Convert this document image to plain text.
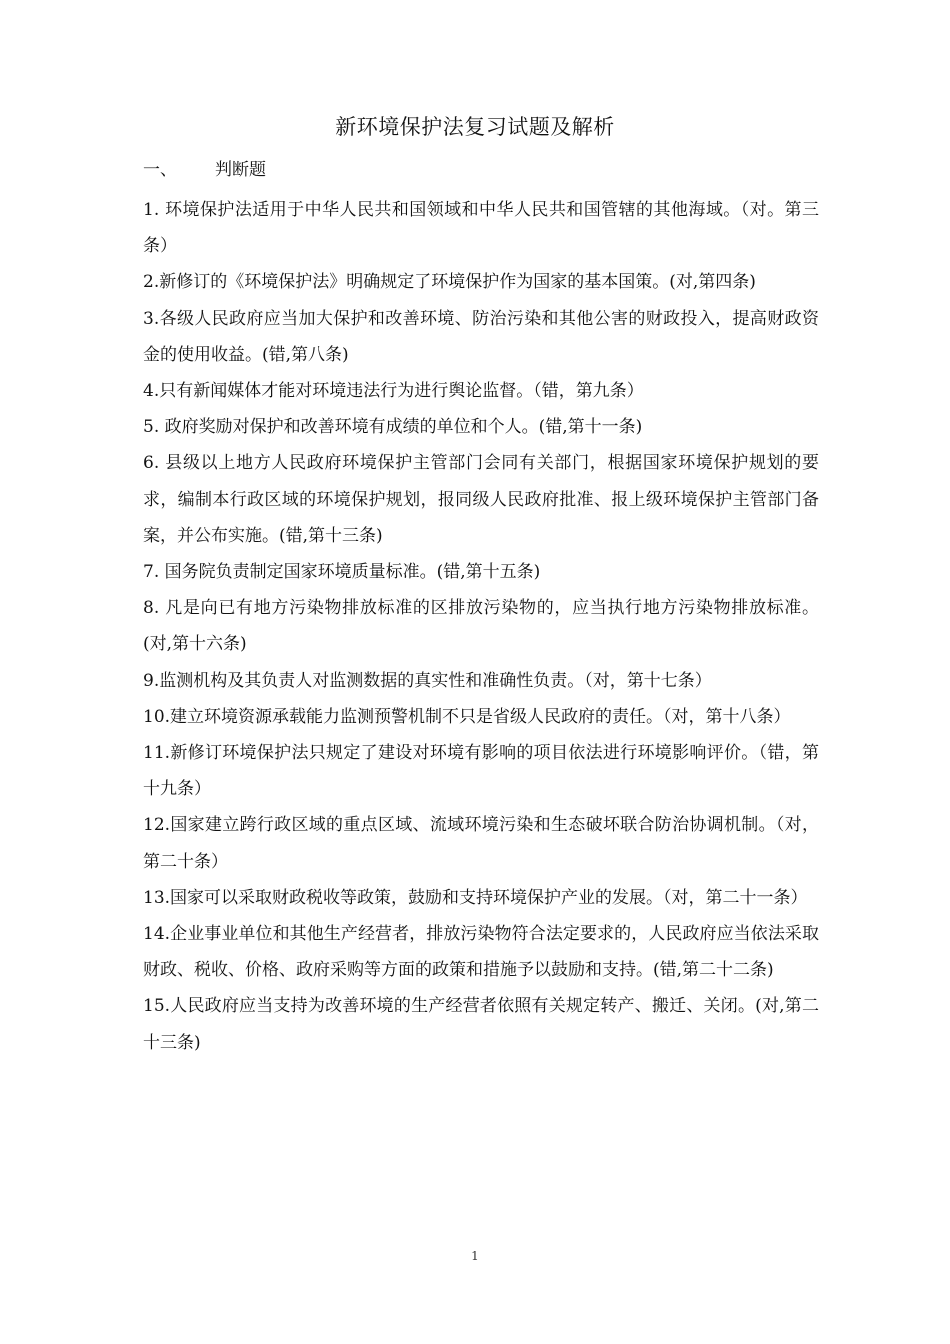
新环境保护法复习试题及解析
一、 判断题

1. 环境保护法适用于中华人民共和国领域和中华人民共和国管辖的其他海域。（对。第三条）

2.新修订的《环境保护法》明确规定了环境保护作为国家的基本国策。(对,第四条)

3.各级人民政府应当加大保护和改善环境、防治污染和其他公害的财政投入，提高财政资金的使用收益。(错,第八条)

4.只有新闻媒体才能对环境违法行为进行舆论监督。（错，第九条）

5. 政府奖励对保护和改善环境有成绩的单位和个人。(错,第十一条)

6. 县级以上地方人民政府环境保护主管部门会同有关部门，根据国家环境保护规划的要求，编制本行政区域的环境保护规划，报同级人民政府批准、报上级环境保护主管部门备案，并公布实施。(错,第十三条)

7. 国务院负责制定国家环境质量标准。(错,第十五条)

8. 凡是向已有地方污染物排放标准的区排放污染物的，应当执行地方污染物排放标准。(对,第十六条)

9.监测机构及其负责人对监测数据的真实性和准确性负责。（对，第十七条）

10.建立环境资源承载能力监测预警机制不只是省级人民政府的责任。（对，第十八条）

11.新修订环境保护法只规定了建设对环境有影响的项目依法进行环境影响评价。（错，第十九条）

12.国家建立跨行政区域的重点区域、流域环境污染和生态破坏联合防治协调机制。（对，第二十条）

13.国家可以采取财政税收等政策，鼓励和支持环境保护产业的发展。（对，第二十一条）

14.企业事业单位和其他生产经营者，排放污染物符合法定要求的，人民政府应当依法采取财政、税收、价格、政府采购等方面的政策和措施予以鼓励和支持。(错,第二十二条)

15.人民政府应当支持为改善环境的生产经营者依照有关规定转产、搬迁、关闭。(对,第二十三条)

1
